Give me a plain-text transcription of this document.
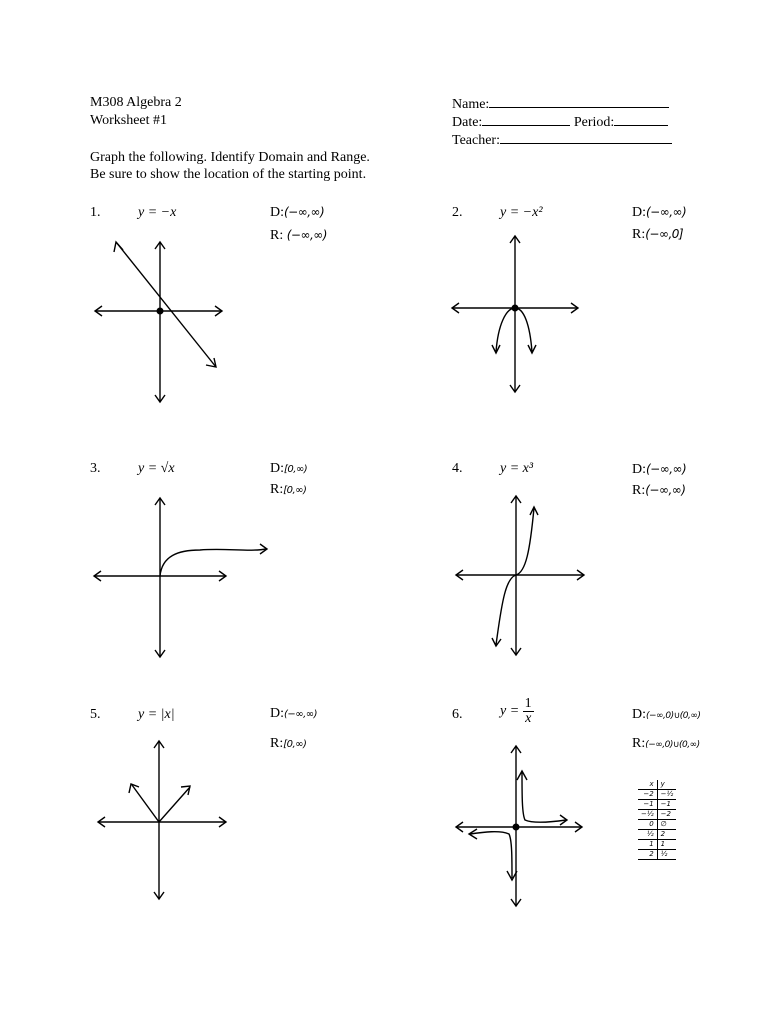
M308 Algebra 2
Worksheet #1
Name:
Date:	Period:
Teacher:
Graph the following. Identify Domain and Range.
Be sure to show the location of the starting point.
1.	y = −x	D:(−∞,∞)
R: (−∞,∞)
2.	y = −x²	D:(−∞,∞)
R:(−∞,0]
3.	y = √x	D:[0,∞)
R:[0,∞)
4.	y = x³	D:(−∞,∞)
R:(−∞,∞)
5.	y = |x|	D:(−∞,∞)
R:[0,∞)
6.	$y = \frac{1}{x}$	D:(−∞,0)∪(0,∞)
R:(−∞,0)∪(0,∞)
x	y
−2	−½
−1	−1
−½	−2
0	∅
½	2
1	1
2	½
